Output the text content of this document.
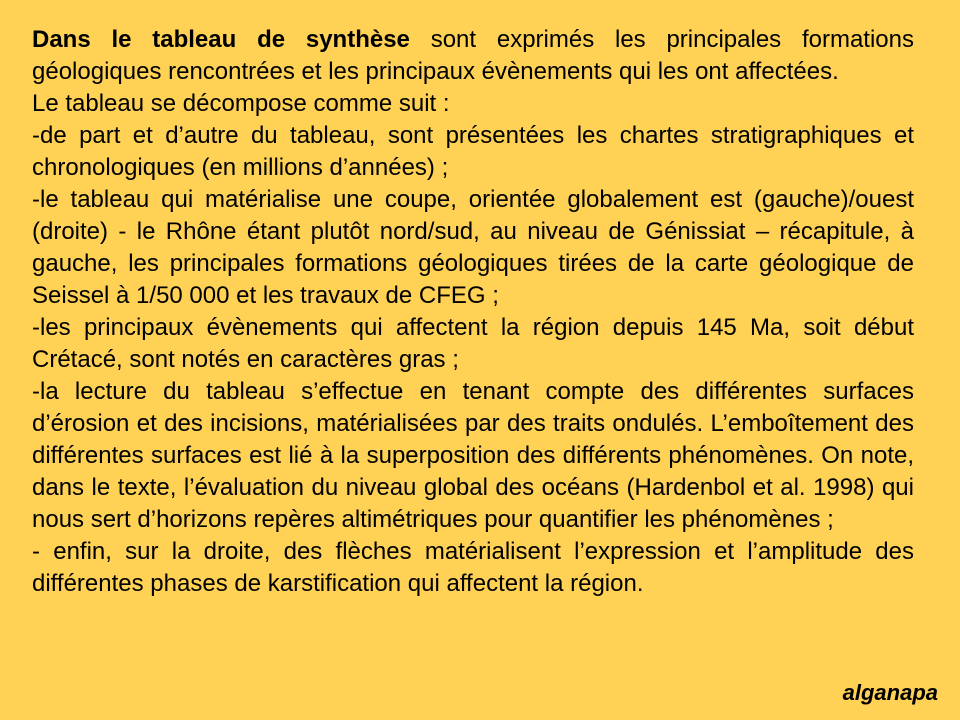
Dans le tableau de synthèse sont exprimés les principales formations géologiques rencontrées et les principaux évènements qui les ont affectées.

Le tableau se décompose comme suit :

-de part et d’autre du tableau, sont présentées les chartes stratigraphiques et chronologiques (en millions d’années) ;

-le tableau qui matérialise une coupe, orientée globalement est (gauche)/ouest (droite) - le Rhône étant plutôt nord/sud, au niveau de Génissiat – récapitule, à gauche, les principales formations géologiques tirées de la carte géologique de Seissel à 1/50 000 et les travaux de CFEG ;

-les principaux évènements qui affectent la région depuis 145 Ma, soit début Crétacé, sont notés en caractères gras ;

-la lecture du tableau s’effectue en tenant compte des différentes surfaces d’érosion et des incisions, matérialisées par des traits ondulés. L’emboîtement des différentes surfaces est lié à la superposition des différents phénomènes. On note, dans le texte, l’évaluation du niveau global des océans (Hardenbol et al. 1998) qui nous sert d’horizons repères altimétriques pour quantifier les phénomènes ;

- enfin, sur la droite, des flèches matérialisent l’expression et l’amplitude des différentes phases de karstification qui affectent la région.

alganapa
